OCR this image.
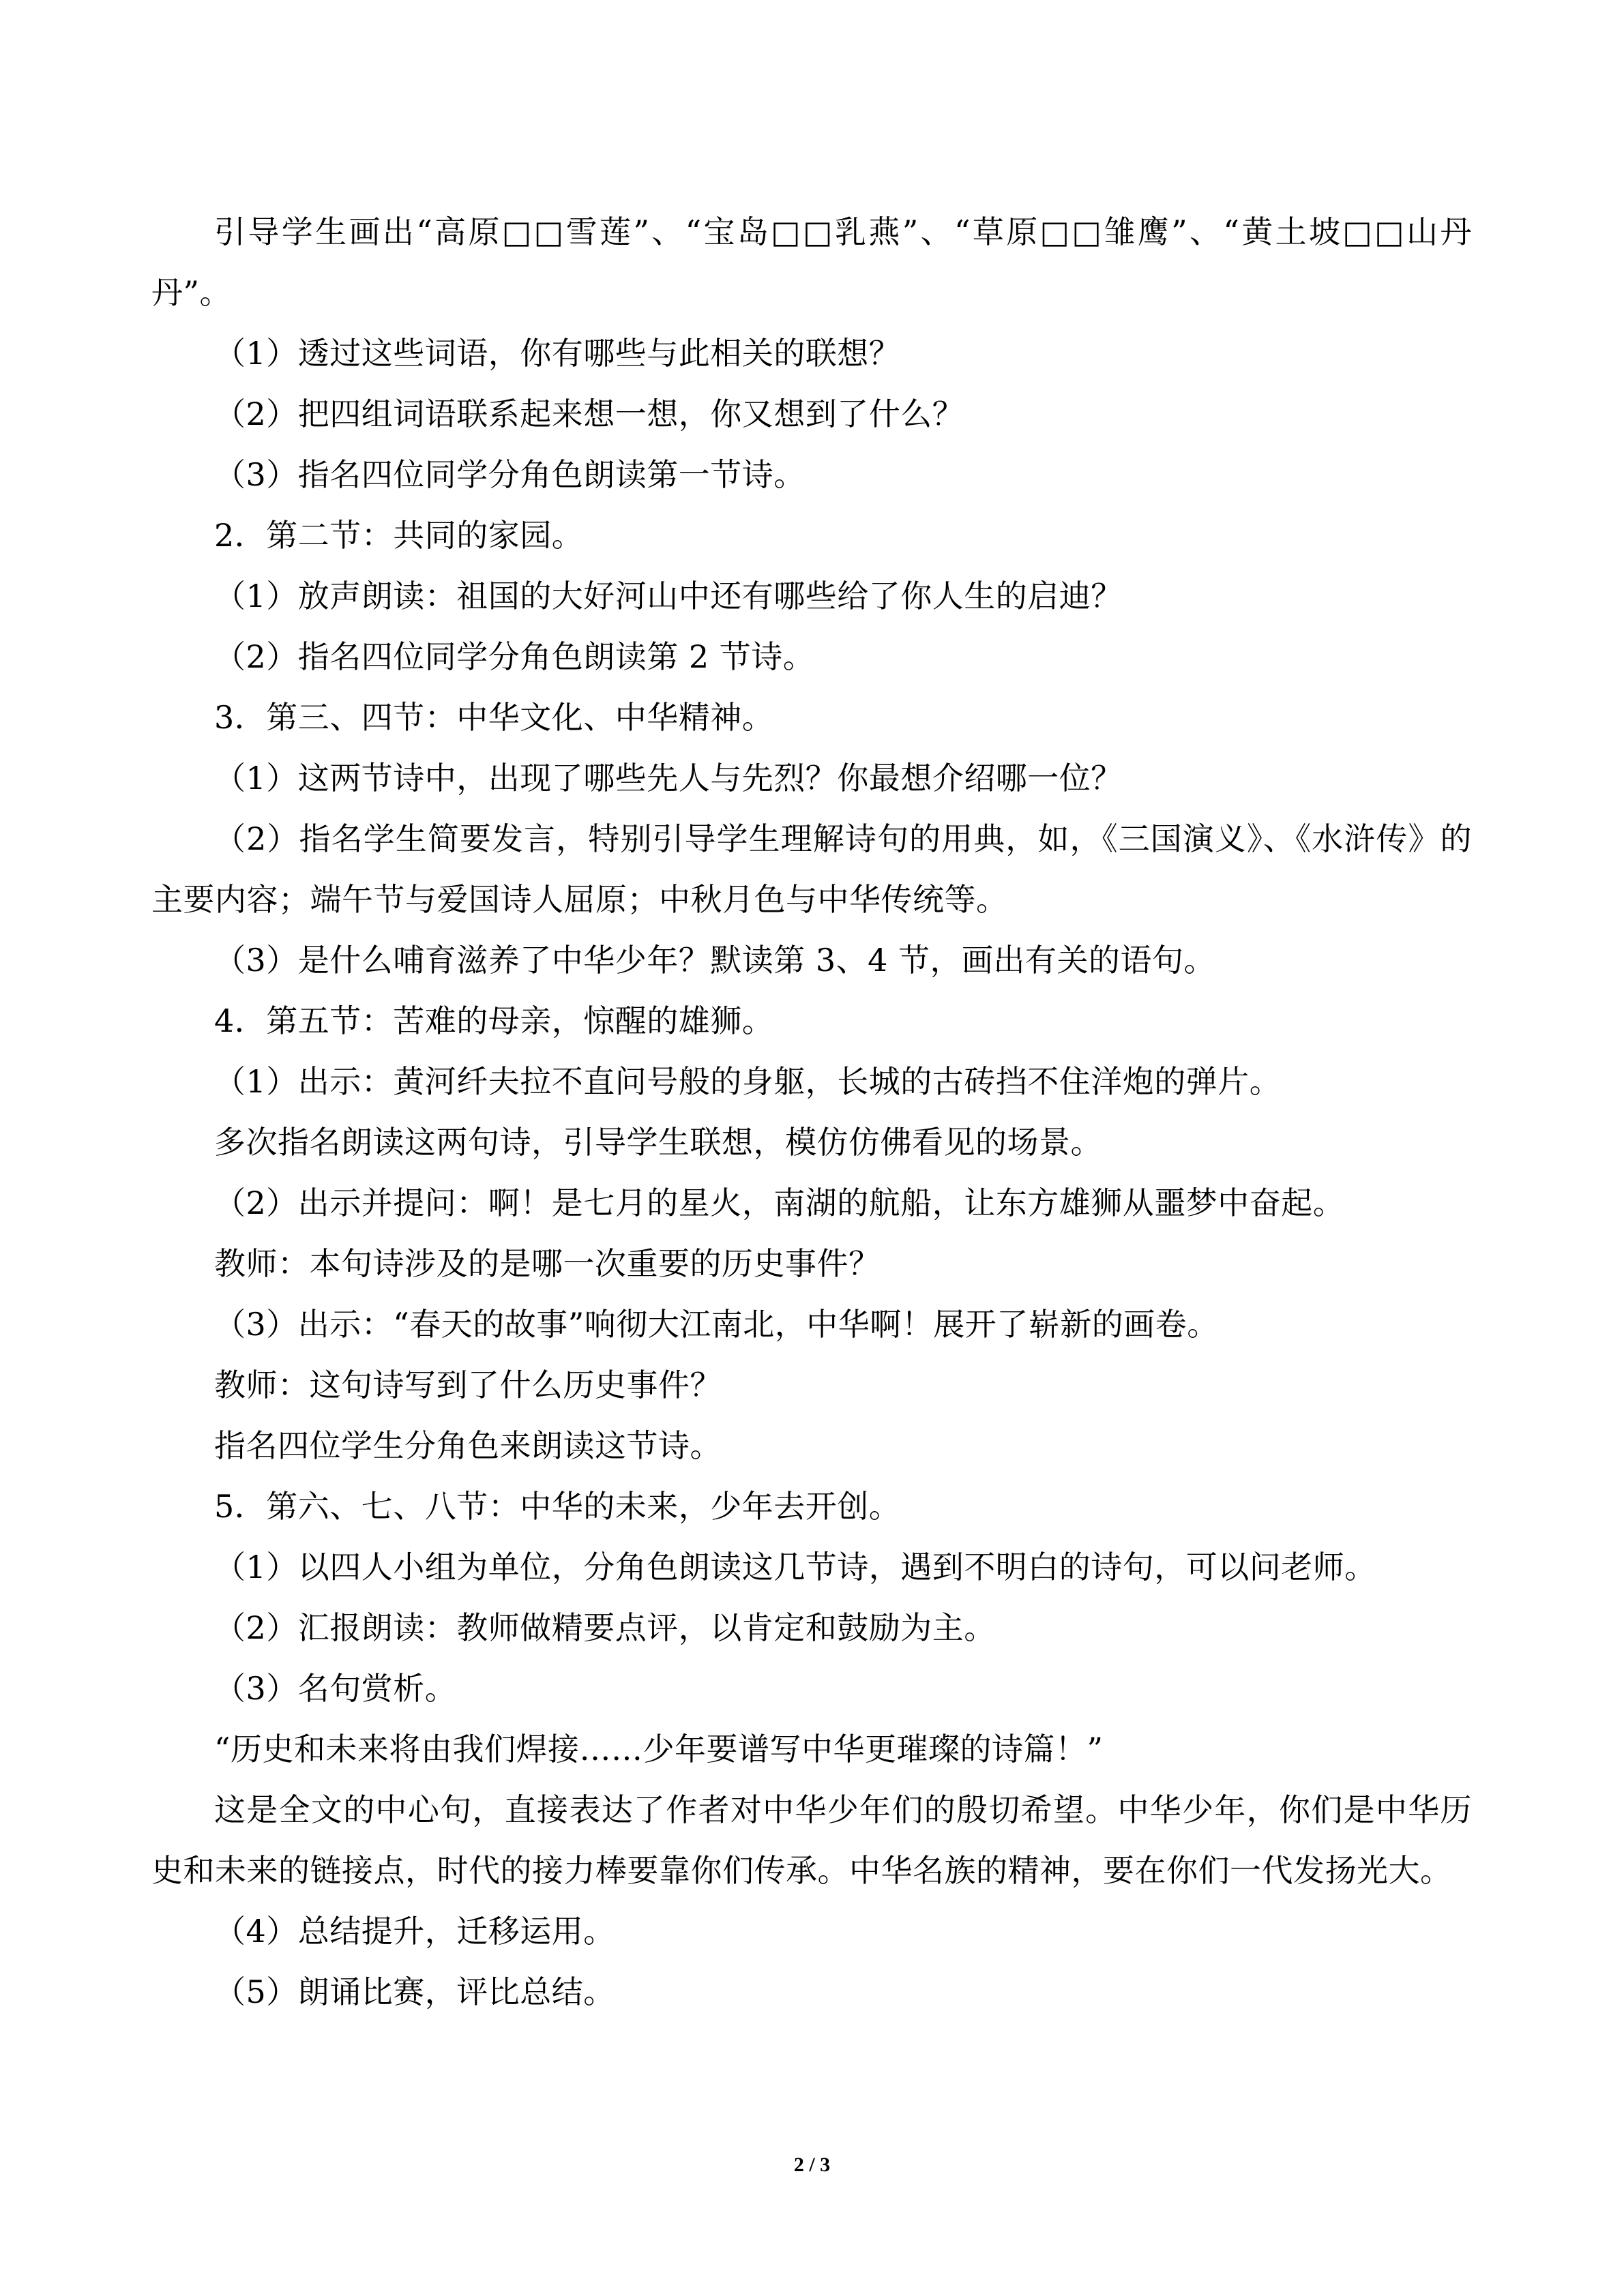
引导学生画出“高原□□雪莲”、“宝岛□□乳燕”、“草原□□雏鹰”、“黄土坡□□山丹丹”。

（1）透过这些词语，你有哪些与此相关的联想？

（2）把四组词语联系起来想一想，你又想到了什么？

（3）指名四位同学分角色朗读第一节诗。

2．第二节：共同的家园。

（1）放声朗读：祖国的大好河山中还有哪些给了你人生的启迪？

（2）指名四位同学分角色朗读第 2 节诗。

3．第三、四节：中华文化、中华精神。

（1）这两节诗中，出现了哪些先人与先烈？你最想介绍哪一位？

（2）指名学生简要发言，特别引导学生理解诗句的用典，如，《三国演义》、《水浒传》的主要内容；端午节与爱国诗人屈原；中秋月色与中华传统等。

（3）是什么哺育滋养了中华少年？默读第 3、4 节，画出有关的语句。

4．第五节：苦难的母亲，惊醒的雄狮。

（1）出示：黄河纤夫拉不直问号般的身躯，长城的古砖挡不住洋炮的弹片。

多次指名朗读这两句诗，引导学生联想，模仿仿佛看见的场景。

（2）出示并提问：啊！是七月的星火，南湖的航船，让东方雄狮从噩梦中奋起。

教师：本句诗涉及的是哪一次重要的历史事件？

（3）出示：“春天的故事”响彻大江南北，中华啊！展开了崭新的画卷。

教师：这句诗写到了什么历史事件？

指名四位学生分角色来朗读这节诗。

5．第六、七、八节：中华的未来，少年去开创。

（1）以四人小组为单位，分角色朗读这几节诗，遇到不明白的诗句，可以问老师。

（2）汇报朗读：教师做精要点评，以肯定和鼓励为主。

（3）名句赏析。

“历史和未来将由我们焊接……少年要谱写中华更璀璨的诗篇！”

这是全文的中心句，直接表达了作者对中华少年们的殷切希望。中华少年，你们是中华历史和未来的链接点，时代的接力棒要靠你们传承。中华名族的精神，要在你们一代发扬光大。

（4）总结提升，迁移运用。

（5）朗诵比赛，评比总结。

2 / 3
